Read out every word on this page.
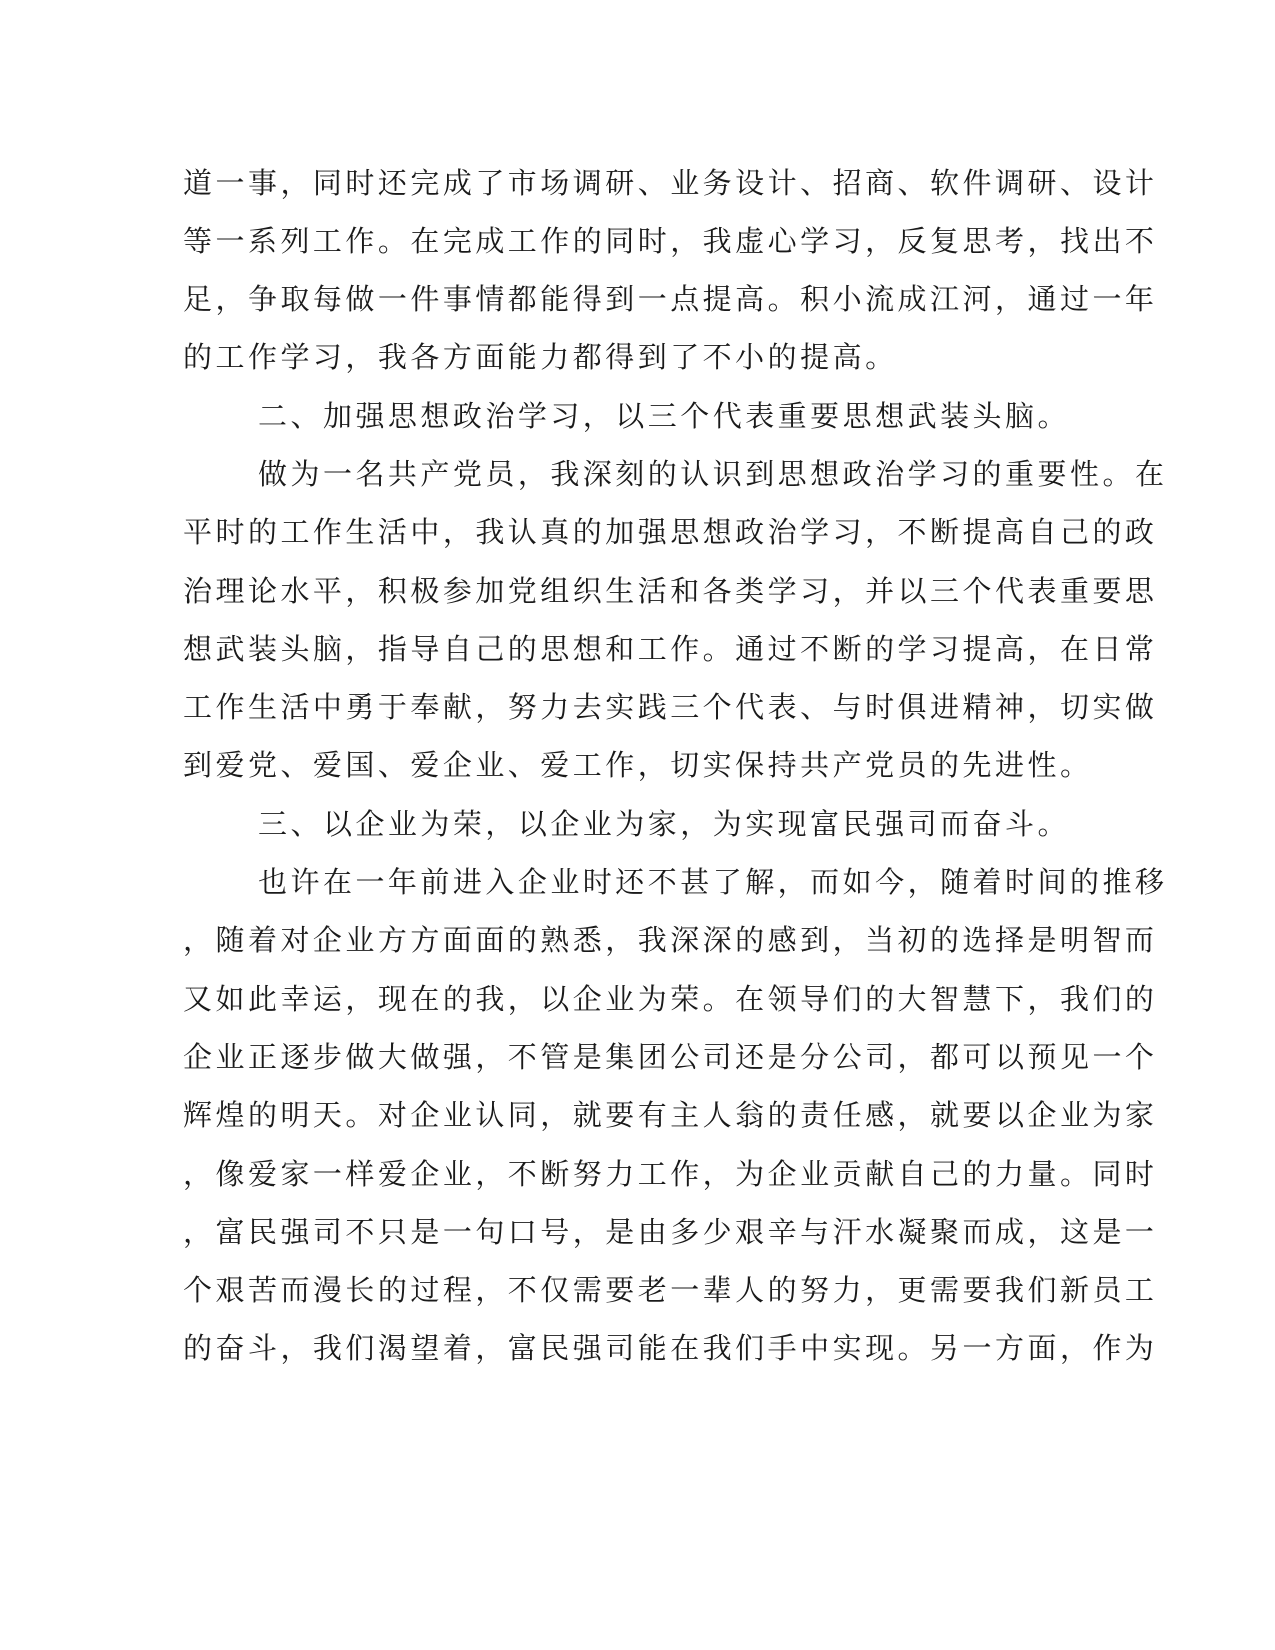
道一事，同时还完成了市场调研、业务设计、招商、软件调研、设计
等一系列工作。在完成工作的同时，我虚心学习，反复思考，找出不
足，争取每做一件事情都能得到一点提高。积小流成江河，通过一年
的工作学习，我各方面能力都得到了不小的提高。
二、加强思想政治学习，以三个代表重要思想武装头脑。
做为一名共产党员，我深刻的认识到思想政治学习的重要性。在
平时的工作生活中，我认真的加强思想政治学习，不断提高自己的政
治理论水平，积极参加党组织生活和各类学习，并以三个代表重要思
想武装头脑，指导自己的思想和工作。通过不断的学习提高，在日常
工作生活中勇于奉献，努力去实践三个代表、与时俱进精神，切实做
到爱党、爱国、爱企业、爱工作，切实保持共产党员的先进性。
三、以企业为荣，以企业为家，为实现富民强司而奋斗。
也许在一年前进入企业时还不甚了解，而如今，随着时间的推移
，随着对企业方方面面的熟悉，我深深的感到，当初的选择是明智而
又如此幸运，现在的我，以企业为荣。在领导们的大智慧下，我们的
企业正逐步做大做强，不管是集团公司还是分公司，都可以预见一个
辉煌的明天。对企业认同，就要有主人翁的责任感，就要以企业为家
，像爱家一样爱企业，不断努力工作，为企业贡献自己的力量。同时
，富民强司不只是一句口号，是由多少艰辛与汗水凝聚而成，这是一
个艰苦而漫长的过程，不仅需要老一辈人的努力，更需要我们新员工
的奋斗，我们渴望着，富民强司能在我们手中实现。另一方面，作为
